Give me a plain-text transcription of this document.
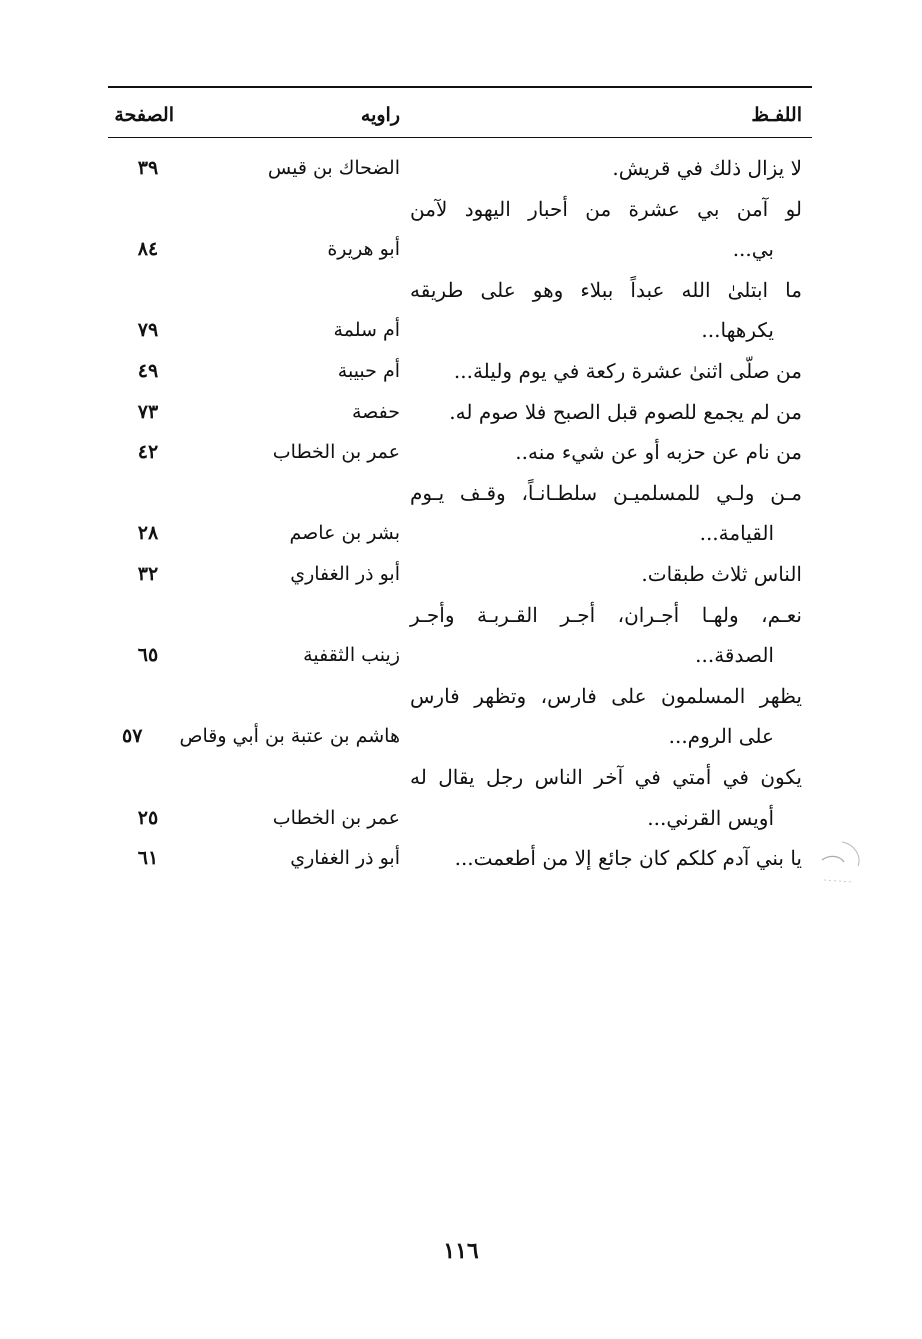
اللفـظ
راويه
الصفحة
لا يزال ذلك في قريش.
الضحاك بن قيس
٣٩
لو آمن بي عشرة من أحبار اليهود لآمن
بي...
أبو هريرة
٨٤
ما ابتلىٰ الله عبداً ببلاء وهو على طريقه
يكرهها...
أم سلمة
٧٩
من صلّى اثنىٰ عشرة ركعة في يوم وليلة...
أم حبيبة
٤٩
من لم يجمع للصوم قبل الصبح فلا صوم له.
حفصة
٧٣
من نام عن حزبه أو عن شيء منه..
عمر بن الخطاب
٤٢
مـن ولـي للمسلميـن سلطـانـاً، وقـف يـوم
القيامة...
بشر بن عاصم
٢٨
الناس ثلاث طبقات.
أبو ذر الغفاري
٣٢
نعـم، ولهـا أجـران، أجـر القـربـة وأجـر
الصدقة...
زينب الثقفية
٦٥
يظهر المسلمون على فارس، وتظهر فارس
على الروم...
هاشم بن عتبة بن أبي وقاص
٥٧
يكون في أمتي في آخر الناس رجل يقال له
أويس القرني...
عمر بن الخطاب
٢٥
يا بني آدم كلكم كان جائع إلا من أطعمت...
أبو ذر الغفاري
٦١
١١٦
